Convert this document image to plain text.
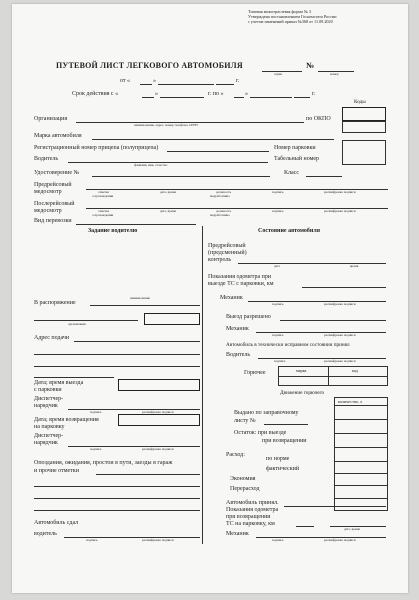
Типовая межотраслевая форма № 3
Утверждена постановлением Госкомстата России
с учетом изменений приказ №368 от 11.09.2020
ПУТЕВОЙ ЛИСТ ЛЕГКОВОГО АВТОМОБИЛЯ	№
серия	номер
от «	»	г.
Срок действия с «	»	г. по «	»	г.
Коды
Организация
наименование, адрес, номер телефона, ОГРН
по ОКПО
Марка автомобиля
Регистрационный номер прицепа (полуприцепа)	Номер парковки
Водитель
фамилия, имя, отчество
Табельный номер
Удостоверение №	Класс
Предрейсовый
медосмотр	отметка
о прохождении
дата, время	должность
медработника
подпись	расшифровка подписи
Послерейсовый
медосмотр	отметка
о прохождении
дата, время	должность
медработника
подпись	расшифровка подписи
Вид перевозки
Задание водителю	Состояние автомобиля
В распоряжение
наименование
организации
Адрес подачи
Дата; время выезда
с парковки
Диспетчер-
нарядчик
подпись	расшифровка подписи
Дата; время возвращения
на парковку
Диспетчер-
нарядчик
подпись	расшифровка подписи
Опоздания, ожидания, простои в пути, заезды в гараж
и прочие отметки
Автомобиль сдал
водитель
подпись	расшифровка подписи
Предрейсовый
(предсменный)
контроль
дата	время
Показания одометра при
выезде ТС с парковки, км
Механик
подпись	расшифровка подписи
Выезд разрешено
Механик
подпись	расшифровка подписи
Автомобиль в технически исправном состоянии принял
Водитель
подпись	расшифровка подписи
Горючее	марка	код
Движение горючего
количество, л
Выдано по заправочному
листу №
Остаток: при выезде
при возвращении
Расход:
по норме
фактический
Экономия
Перерасход
Автомобиль принял.
Показания одометра
при возвращении
ТС на парковку, км
дата, время
Механик
подпись	расшифровка подписи
